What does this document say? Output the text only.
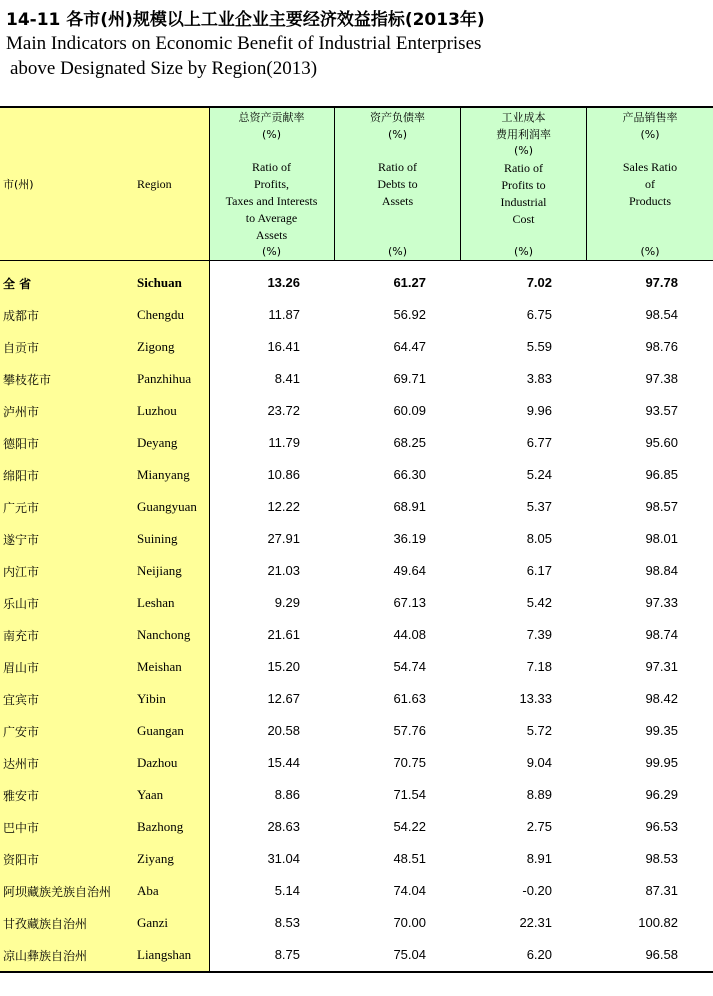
14-11 各市(州)规模以上工业企业主要经济效益指标(2013年)
Main Indicators on Economic Benefit of Industrial Enterprises
above Designated Size by Region(2013)
市(州)	Region
总资产贡献率
(%)
Ratio of
Profits,
Taxes and Interests
to Average
Assets
(%)
资产负债率
(%)
Ratio of
Debts to
Assets
(%)
工业成本
费用利润率
(%)
Ratio of
Profits to
Industrial
Cost
(%)
产品销售率
(%)
Sales Ratio
of
Products
(%)
全 省	Sichuan	13.26	61.27	7.02	97.78
成都市	Chengdu	11.87	56.92	6.75	98.54
自贡市	Zigong	16.41	64.47	5.59	98.76
攀枝花市	Panzhihua	8.41	69.71	3.83	97.38
泸州市	Luzhou	23.72	60.09	9.96	93.57
德阳市	Deyang	11.79	68.25	6.77	95.60
绵阳市	Mianyang	10.86	66.30	5.24	96.85
广元市	Guangyuan	12.22	68.91	5.37	98.57
遂宁市	Suining	27.91	36.19	8.05	98.01
内江市	Neijiang	21.03	49.64	6.17	98.84
乐山市	Leshan	9.29	67.13	5.42	97.33
南充市	Nanchong	21.61	44.08	7.39	98.74
眉山市	Meishan	15.20	54.74	7.18	97.31
宜宾市	Yibin	12.67	61.63	13.33	98.42
广安市	Guangan	20.58	57.76	5.72	99.35
达州市	Dazhou	15.44	70.75	9.04	99.95
雅安市	Yaan	8.86	71.54	8.89	96.29
巴中市	Bazhong	28.63	54.22	2.75	96.53
资阳市	Ziyang	31.04	48.51	8.91	98.53
阿坝藏族羌族自治州 Aba	5.14	74.04	-0.20	87.31
甘孜藏族自治州	Ganzi	8.53	70.00	22.31	100.82
凉山彝族自治州	Liangshan	8.75	75.04	6.20	96.58
